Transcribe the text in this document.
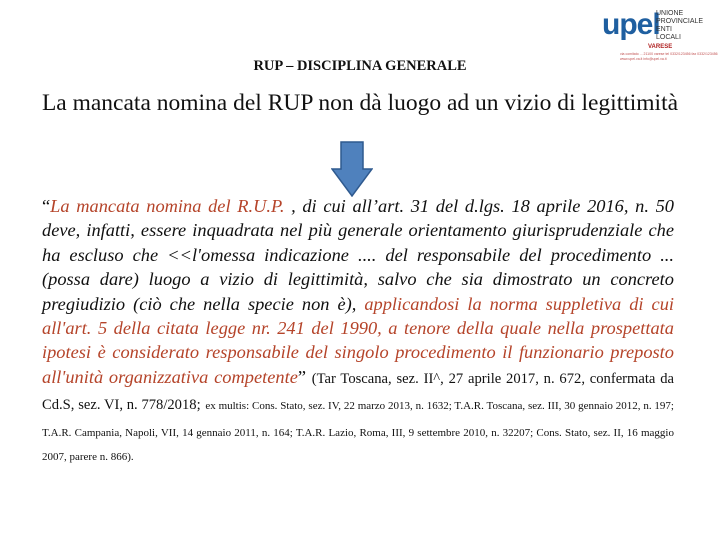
upel
UNIONE
PROVINCIALE
ENTI
LOCALI
VARESE
via comitato ... 21100 varese tel 0332/123456 fax 0332/123456 www.upel.va.it info@upel.va.it
RUP – DISCIPLINA GENERALE
La mancata nomina del RUP non dà luogo ad un vizio di legittimità
“La mancata nomina del R.U.P. , di cui all’art. 31 del d.lgs. 18 aprile 2016, n. 50 deve, infatti, essere inquadrata nel più generale orientamento giurisprudenziale che ha escluso che <<l'omessa indicazione .... del responsabile del procedimento ...(possa dare) luogo a vizio di legittimità, salvo che sia dimostrato un concreto pregiudizio (ciò che nella specie non è), applicandosi la norma suppletiva di cui all'art. 5 della citata legge nr. 241 del 1990, a tenore della quale nella prospettata ipotesi è considerato responsabile del singolo procedimento il funzionario preposto all'unità organizzativa competente” (Tar Toscana, sez. II^, 27 aprile 2017, n. 672, confermata da Cd.S, sez. VI, n. 778/2018; ex multis: Cons. Stato, sez. IV, 22 marzo 2013, n. 1632; T.A.R. Toscana, sez. III, 30 gennaio 2012, n. 197; T.A.R. Campania, Napoli, VII, 14 gennaio 2011, n. 164; T.A.R. Lazio, Roma, III, 9 settembre 2010, n. 32207; Cons. Stato, sez. II, 16 maggio 2007, parere n. 866).
